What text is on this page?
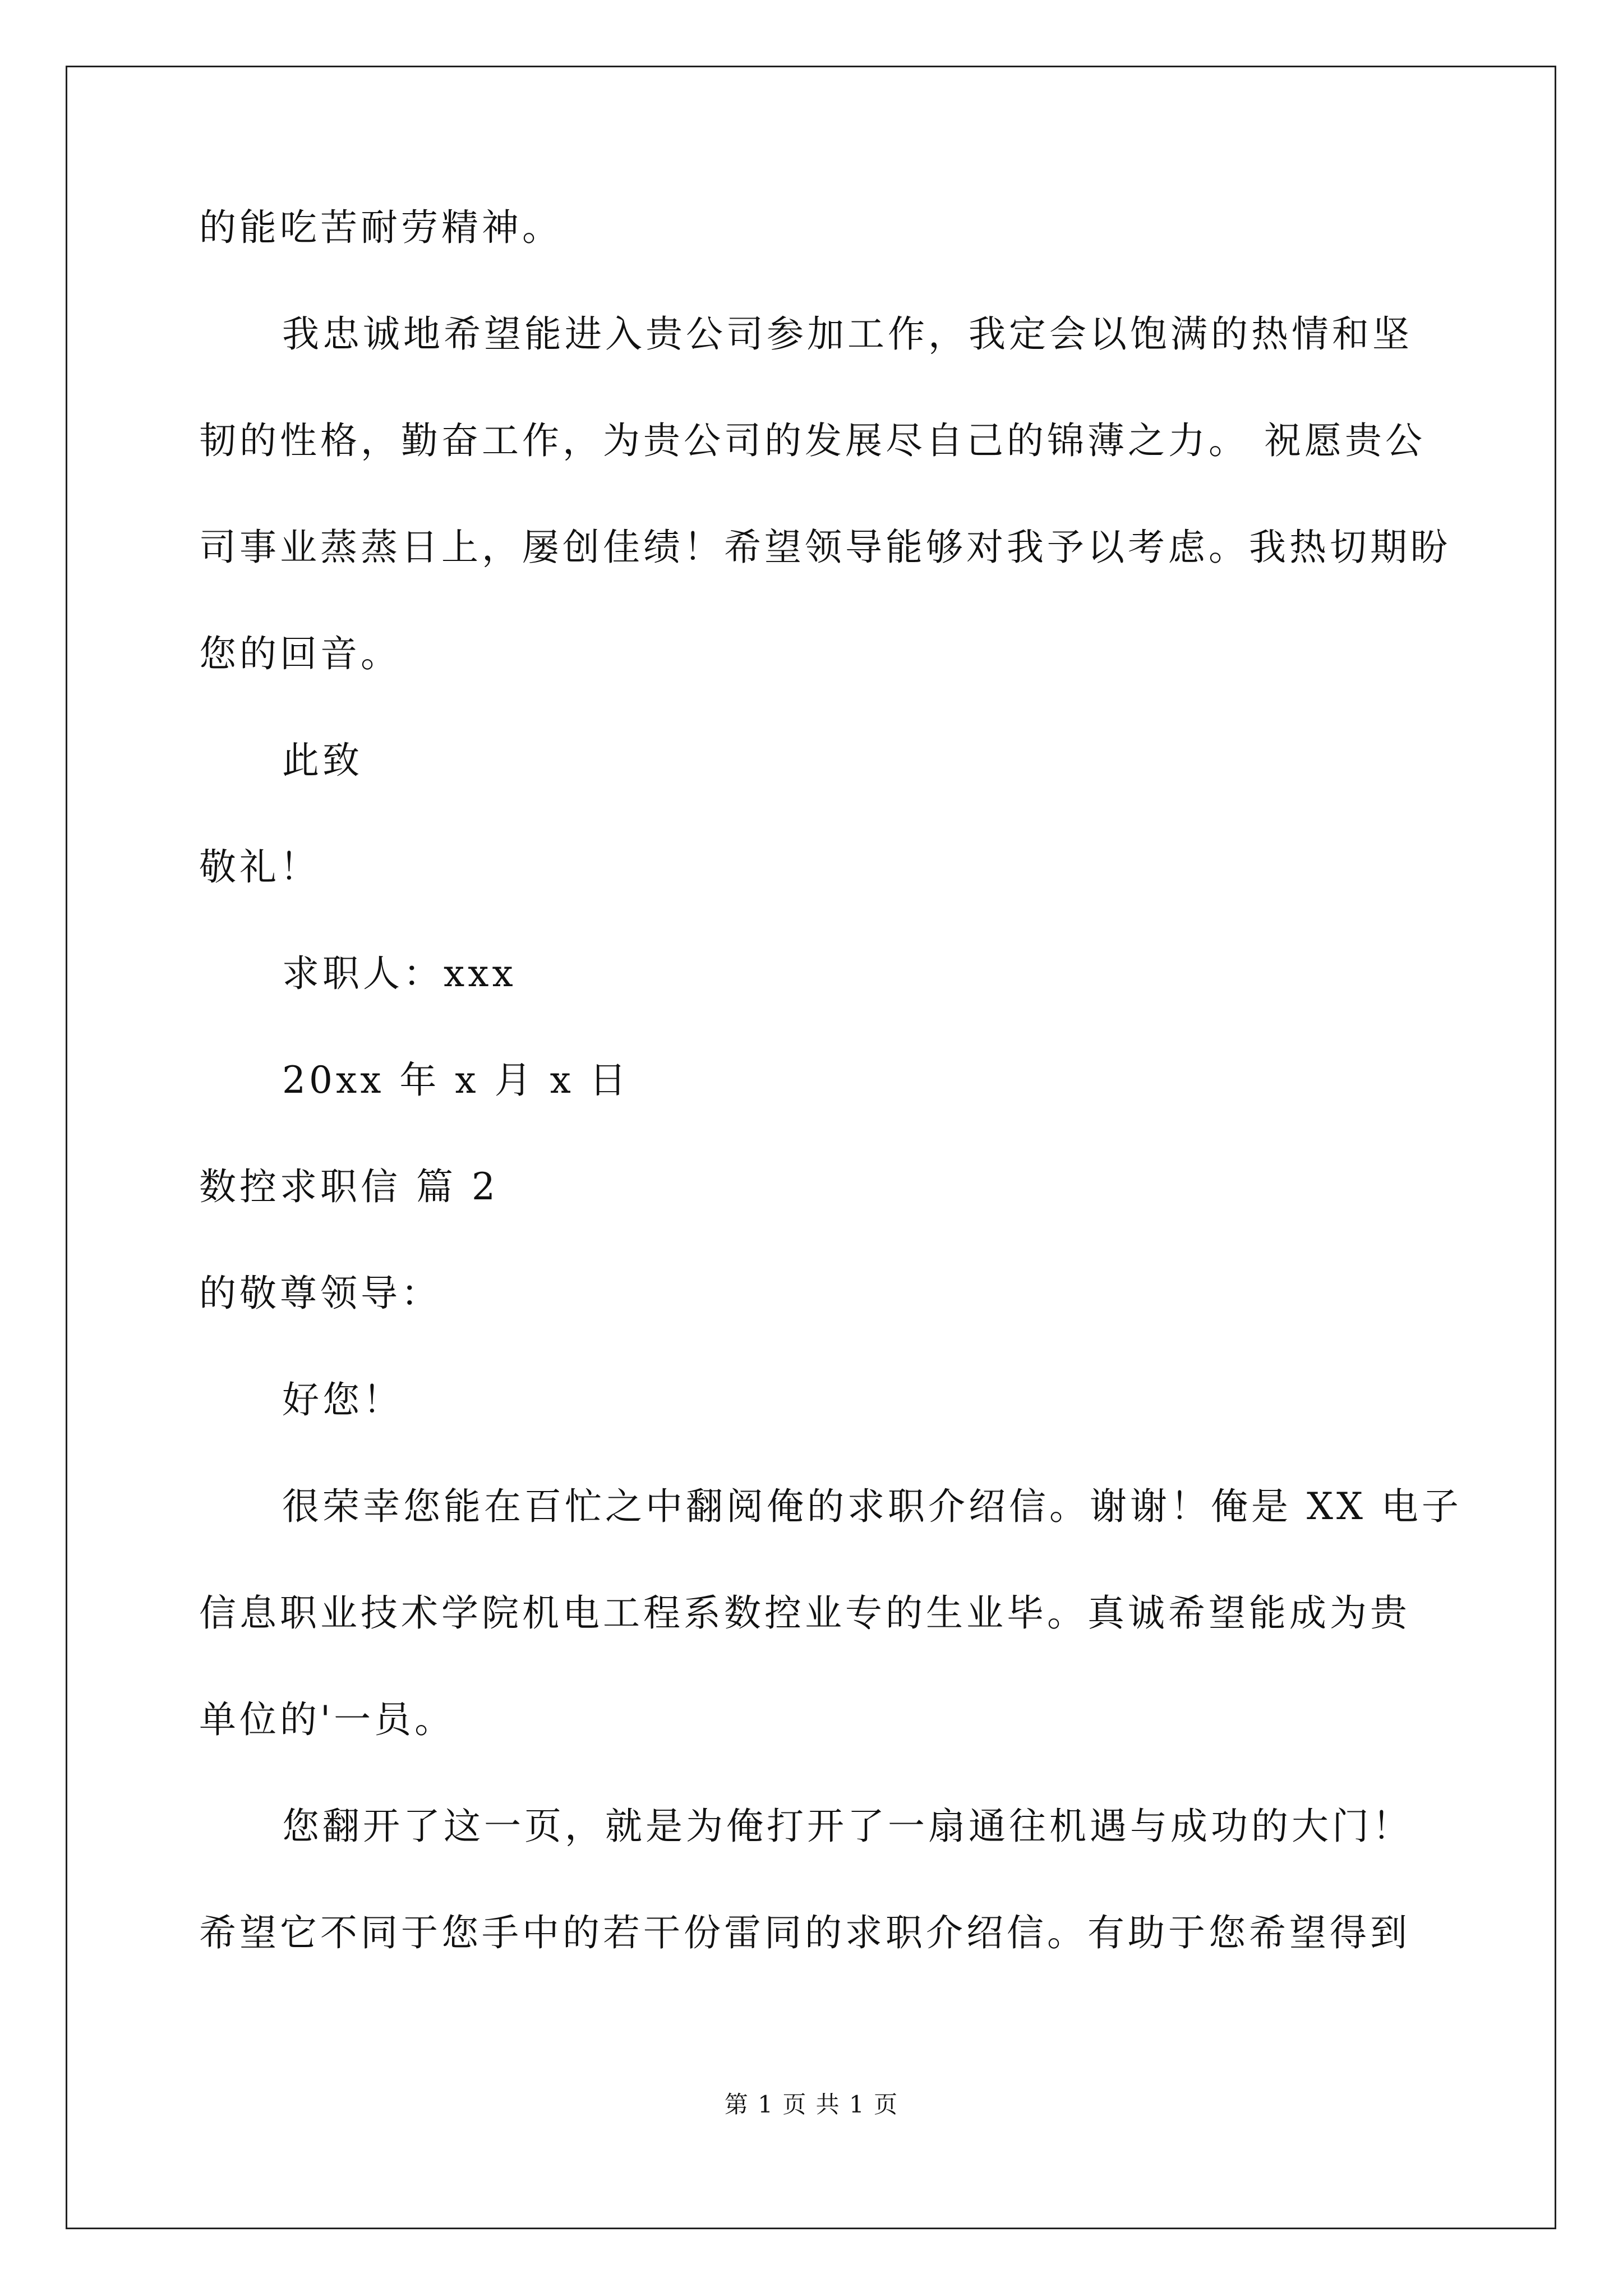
的能吃苦耐劳精神。

我忠诚地希望能进入贵公司参加工作，我定会以饱满的热情和坚

韧的性格，勤奋工作，为贵公司的发展尽自己的锦薄之力。 祝愿贵公

司事业蒸蒸日上，屡创佳绩！希望领导能够对我予以考虑。我热切期盼

您的回音。

此致

敬礼！

求职人：xxx

20xx 年 x 月 x 日

数控求职信 篇 2

的敬尊领导：

好您！

很荣幸您能在百忙之中翻阅俺的求职介绍信。谢谢！俺是 XX 电子

信息职业技术学院机电工程系数控业专的生业毕。真诚希望能成为贵

单位的'一员。

您翻开了这一页，就是为俺打开了一扇通往机遇与成功的大门！

希望它不同于您手中的若干份雷同的求职介绍信。有助于您希望得到

第 1 页 共 1 页
